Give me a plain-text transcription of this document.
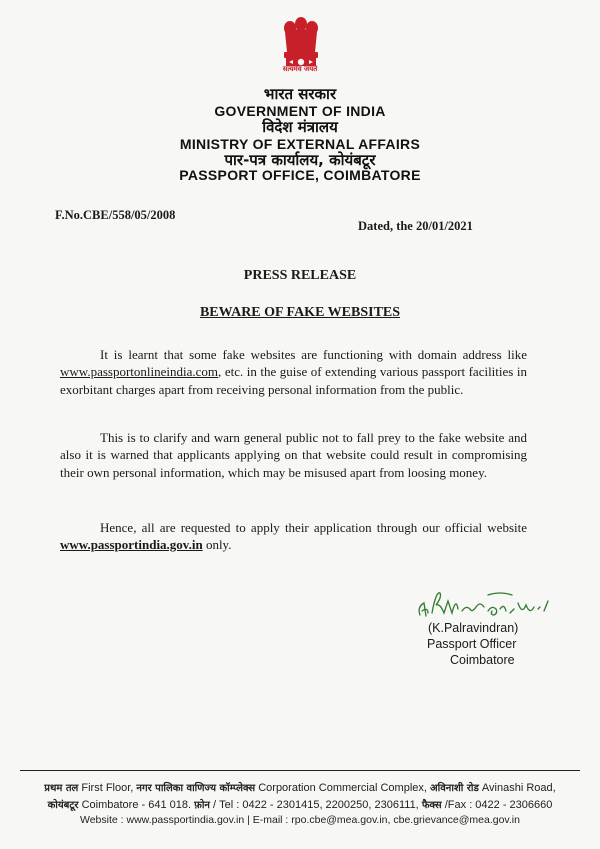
सत्यमेव जयते
भारत सरकार
GOVERNMENT OF INDIA
विदेश मंत्रालय
MINISTRY OF EXTERNAL AFFAIRS
पार-पत्र कार्यालय, कोयंबटूर
PASSPORT OFFICE, COIMBATORE
F.No.CBE/558/05/2008
Dated, the 20/01/2021
PRESS RELEASE
BEWARE OF FAKE WEBSITES
It is learnt that some fake websites are functioning with domain address like www.passportonlineindia.com, etc. in the guise of extending various passport facilities in exorbitant charges apart from receiving personal information from the public.
This is to clarify and warn general public not to fall prey to the fake website and also it is warned that applicants applying on that website could result in compromising their own personal information, which may be misused apart from loosing money.
Hence, all are requested to apply their application through our official website www.passportindia.gov.in only.
(K.Palravindran)
Passport Officer
Coimbatore
प्रथम तल First Floor, नगर पालिका वाणिज्य कॉम्प्लेक्स Corporation Commercial Complex, अविनाशी रोड Avinashi Road,
कोयंबटूर Coimbatore - 641 018. फ़ोन / Tel : 0422 - 2301415, 2200250, 2306111, फैक्स /Fax : 0422 - 2306660
Website : www.passportindia.gov.in | E-mail : rpo.cbe@mea.gov.in, cbe.grievance@mea.gov.in
